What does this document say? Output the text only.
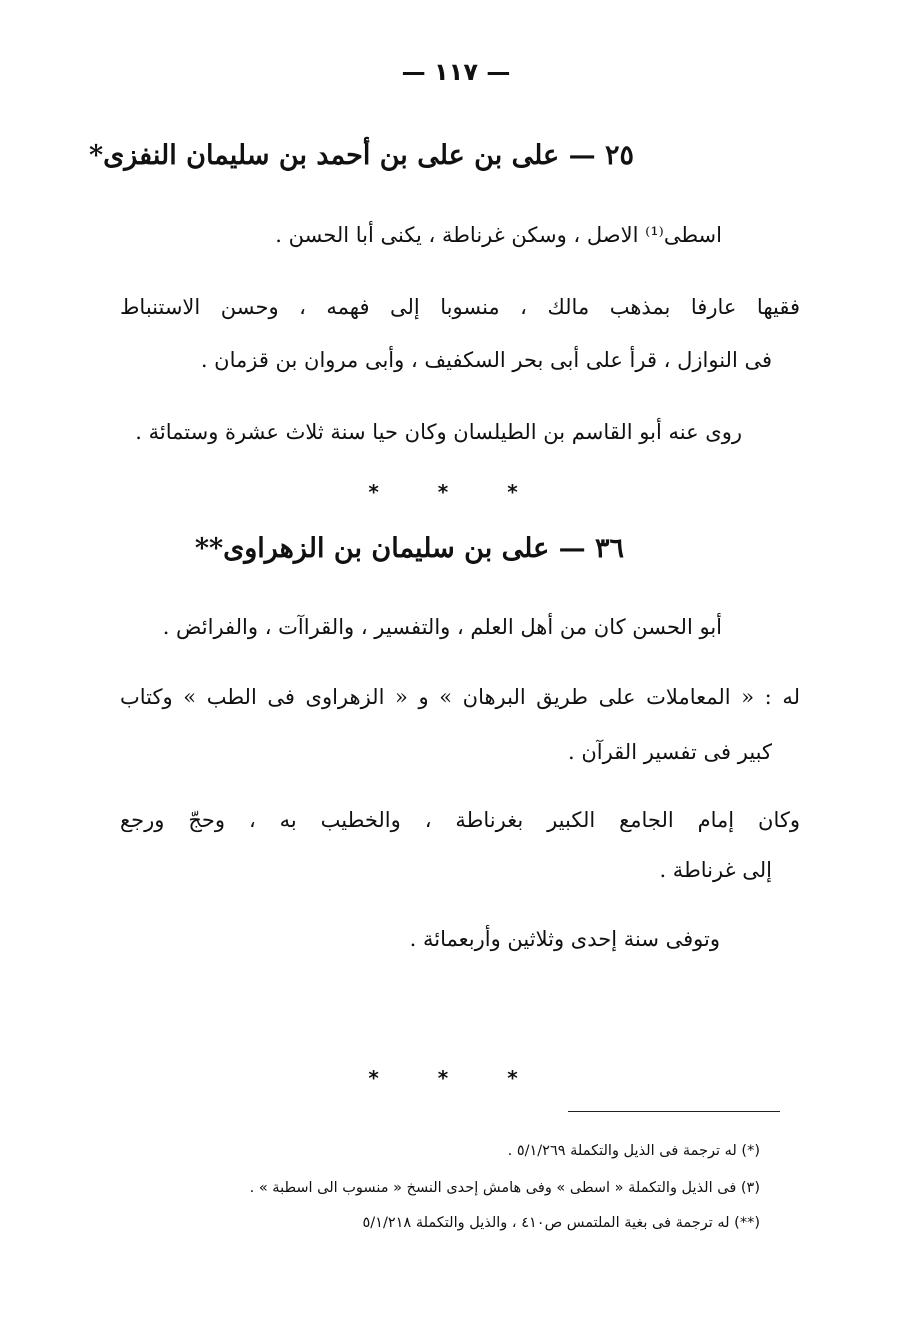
— ١١٧ —
٢٥ — على بن على بن أحمد بن سليمان النفزى*
اسطى⁽¹⁾ الاصل ، وسكن غرناطة ، يكنى أبا الحسن .
فقيها عارفا بمذهب مالك ، منسوبا إلى فهمه ، وحسن الاستنباط
فى النوازل ، قرأ على أبى بحر السكفيف ، وأبى مروان بن قزمان .
روى عنه أبو القاسم بن الطيلسان وكان حيا سنة ثلاث عشرة وستمائة .
* * *
٣٦ — على بن سليمان بن الزهراوى**
أبو الحسن كان من أهل العلم ، والتفسير ، والقراآت ، والفرائض .
له : « المعاملات على طريق البرهان » و « الزهراوى فى الطب » وكتاب
كبير فى تفسير القرآن .
وكان إمام الجامع الكبير بغرناطة ، والخطيب به ، وحجّ ورجع
إلى غرناطة .
وتوفى سنة إحدى وثلاثين وأربعمائة .
* * *
(*) له ترجمة فى الذيل والتكملة ٥/١/٢٦٩ .
(٣) فى الذيل والتكملة « اسطى » وفى هامش إحدى النسخ « منسوب الى اسطبة » .
(**) له ترجمة فى بغية الملتمس ص٤١٠ ، والذيل والتكملة ٥/١/٢١٨
